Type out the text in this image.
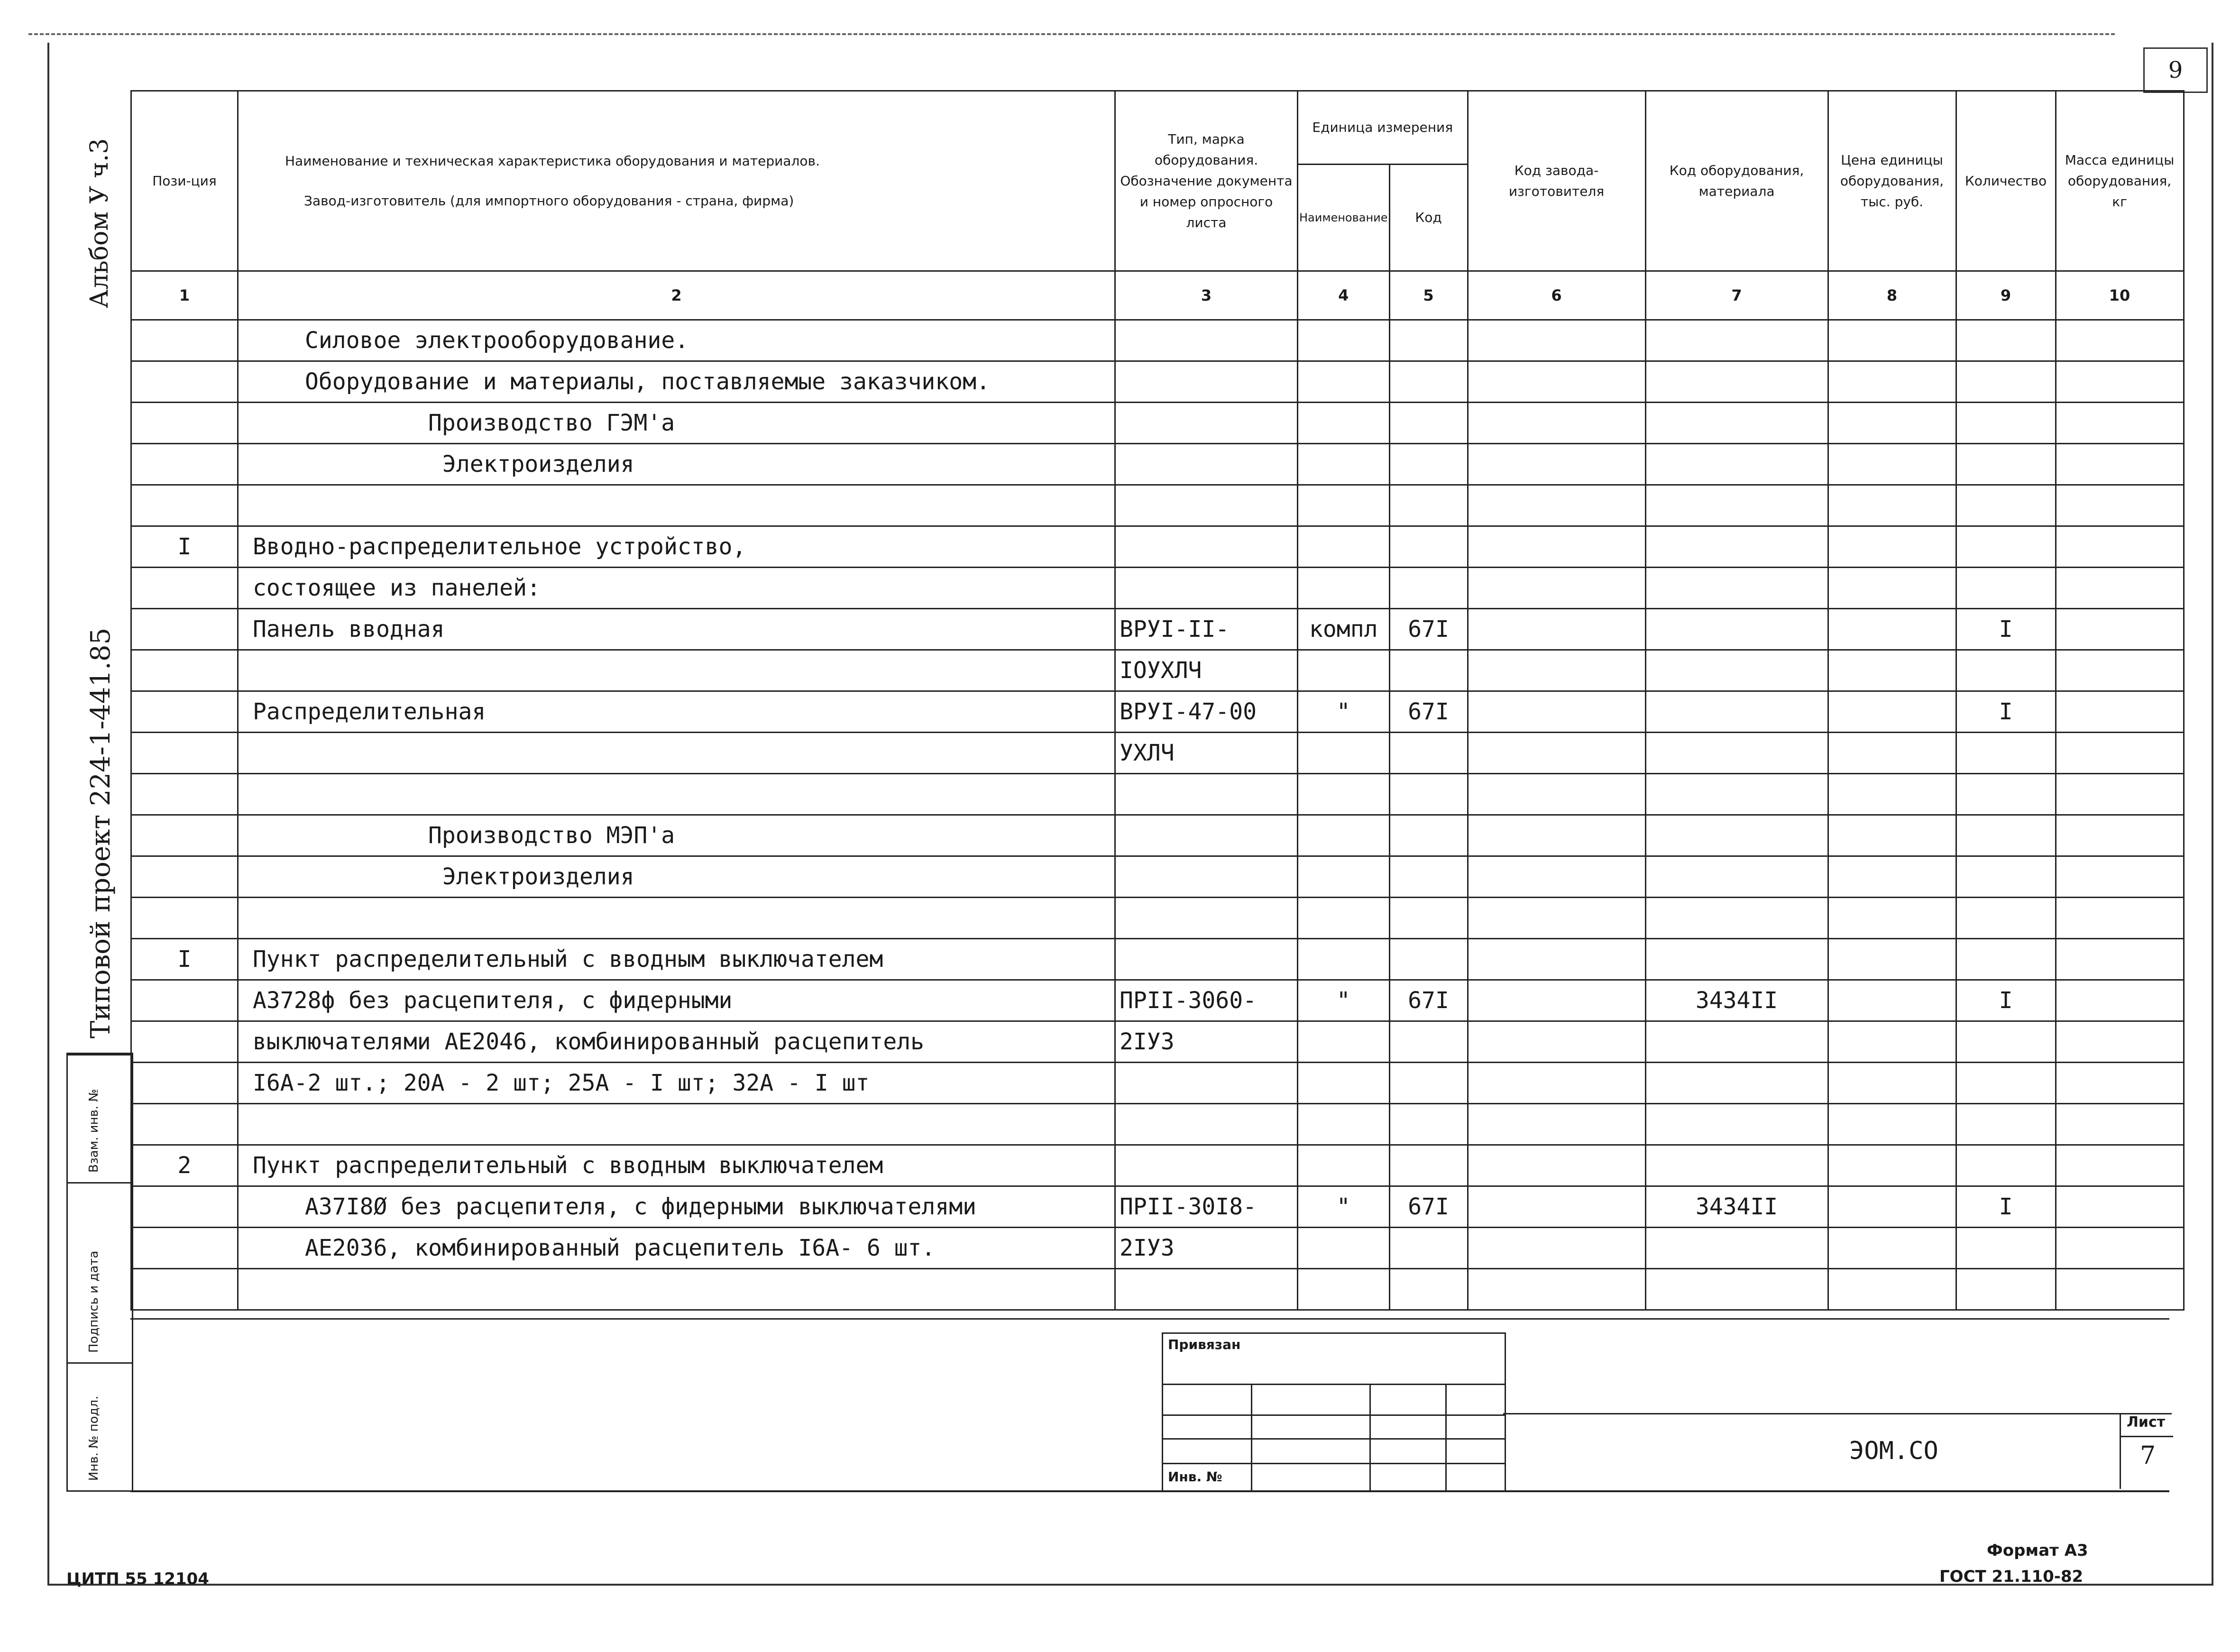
9
Альбом У ч.3
Типовой проект 224-1-441.85
Взам. инв. №
Подпись и дата
Инв. № подл.
Пози-ция	Наименование и техническая характеристика оборудования и материалов.
Завод-изготовитель (для импортного оборудования - страна, фирма)	Тип, марка оборудования. Обозначение документа и номер опросного листа	Единица измерения		Код завода-изготовителя	Код оборудования, материала	Цена единицы оборудования, тыс. руб.	Количество	Масса единицы оборудования, кг
			Наименование	Код					
1	2	3	4	5	6	7	8	9	10
	Силовое электрооборудование.								
	Оборудование и материалы, поставляемые заказчиком.								
	Производство ГЭМ'а								
	Электроизделия								

I	Вводно-распределительное устройство,								
	состоящее из панелей:								
	Панель вводная	ВРУI-II-	компл	67I				I	
		IОУХЛЧ							
	Распределительная	ВРУI-47-00	"	67I				I	
		УХЛЧ							

	Производство МЭП'а								
	Электроизделия								

I	Пункт распределительный с вводным выключателем								
	А3728ф без расцепителя, с фидерными	ПРII-3060-	"	67I		3434II		I	
	выключателями АЕ2046, комбинированный расцепитель	2IУ3							
	I6А-2 шт.; 20А - 2 шт; 25А - I шт; 32А - I шт								

2	Пункт распределительный с вводным выключателем								
	А37I8Ø без расцепителя, с фидерными выключателями	ПРII-30I8-	"	67I		3434II		I	
	АЕ2036, комбинированный расцепитель I6А- 6 шт.	2IУ3							

Привязан
Инв. №
ЭОМ.СО
Лист
7
Формат А3
ГОСТ 21.110-82
ЦИТП 55 12104
